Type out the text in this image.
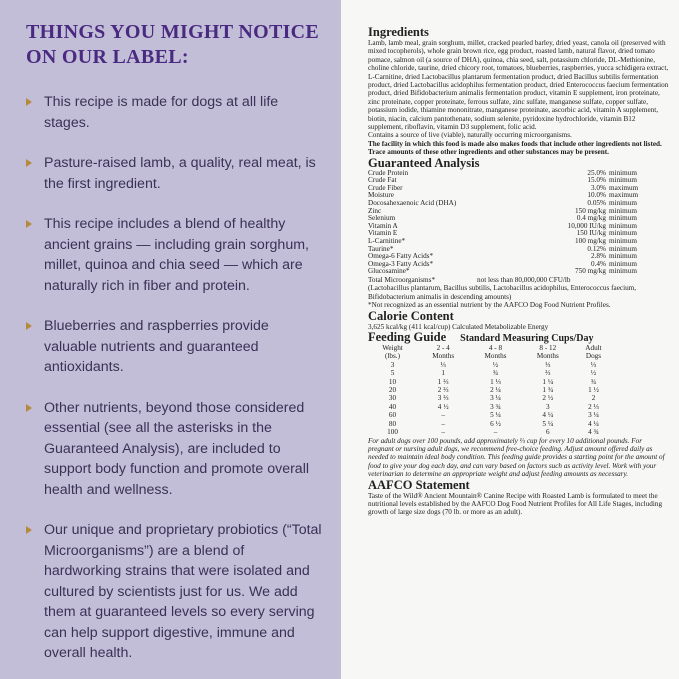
THINGS YOU MIGHT NOTICE ON OUR LABEL:
This recipe is made for dogs at all life stages.
Pasture-raised lamb, a quality, real meat, is the first ingredient.
This recipe includes a blend of healthy ancient grains — including grain sorghum, millet, quinoa and chia seed — which are naturally rich in fiber and protein.
Blueberries and raspberries provide valuable nutrients and guaranteed antioxidants.
Other nutrients, beyond those considered essential (see all the asterisks in the Guaranteed Analysis), are included to support body function and promote overall health and wellness.
Our unique and proprietary probiotics (“Total Microorganisms”) are a blend of hardworking strains that were isolated and cultured by scientists just for us. We add them at guaranteed levels so every serving can help support digestive, immune and overall health.
Ingredients
Lamb, lamb meal, grain sorghum, millet, cracked pearled barley, dried yeast, canola oil (preserved with mixed tocopherols), whole grain brown rice, egg product, roasted lamb, natural flavor, dried tomato pomace, salmon oil (a source of DHA), quinoa, chia seed, salt, potassium chloride, DL-Methionine, choline chloride, taurine, dried chicory root, tomatoes, blueberries, raspberries, yucca schidigera extract, L-Carnitine, dried Lactobacillus plantarum fermentation product, dried Bacillus subtilis fermentation product, dried Lactobacillus acidophilus fermentation product, dried Enterococcus faecium fermentation product, dried Bifidobacterium animalis fermentation product, vitamin E supplement, iron proteinate, zinc proteinate, copper proteinate, ferrous sulfate, zinc sulfate, manganese sulfate, copper sulfate, potassium iodide, thiamine mononitrate, manganese proteinate, ascorbic acid, vitamin A supplement, biotin, niacin, calcium pantothenate, sodium selenite, pyridoxine hydrochloride, vitamin B12 supplement, riboflavin, vitamin D3 supplement, folic acid.
Contains a source of live (viable), naturally occurring microorganisms.
The facility in which this food is made also makes foods that include other ingredients not listed. Trace amounts of these other ingredients and other substances may be present.
Guaranteed Analysis
Crude Protein	25.0%	minimum
Crude Fat	15.0%	minimum
Crude Fiber	3.0%	maximum
Moisture	10.0%	maximum
Docosahexaenoic Acid (DHA)	0.05%	minimum
Zinc	150 mg/kg	minimum
Selenium	0.4 mg/kg	minimum
Vitamin A	10,000 IU/kg	minimum
Vitamin E	150 IU/kg	minimum
L-Carnitine*	100 mg/kg	minimum
Taurine*	0.12%	minimum
Omega-6 Fatty Acids*	2.8%	minimum
Omega-3 Fatty Acids*	0.4%	minimum
Glucosamine*	750 mg/kg	minimum
Total Microorganisms*	not less than 80,000,000 CFU/lb
(Lactobacillus plantarum, Bacillus subtilis, Lactobacillus acidophilus, Enterococcus faecium, Bifidobacterium animalis in descending amounts)
*Not recognized as an essential nutrient by the AAFCO Dog Food Nutrient Profiles.
Calorie Content
3,625 kcal/kg (411 kcal/cup) Calculated Metabolizable Energy
Feeding Guide Standard Measuring Cups/Day
Weight	2 - 4	4 - 8	8 - 12	Adult
(lbs.)	Months	Months	Months	Dogs
3	⅓	½	⅓	⅓
5	1	¾	⅔	½
10	1 ⅔	1 ⅓	1 ¼	¾
20	2 ⅔	2 ¼	1 ¾	1 ½
30	3 ⅔	3 ¼	2 ½	2
40	4 ½	3 ¾	3	2 ⅓
60	–	5 ¼	4 ¼	3 ¼
80	–	6 ½	5 ¼	4 ¼
100	–	–	6	4 ¾
For adult dogs over 100 pounds, add approximately ⅓ cup for every 10 additional pounds. For pregnant or nursing adult dogs, we recommend free-choice feeding. Adjust amount offered daily as needed to maintain ideal body condition. This feeding guide provides a starting point for the amount of food to give your dog each day, and can vary based on factors such as activity level. Work with your veterinarian to determine an appropriate weight and adjust feeding amounts as necessary.
AAFCO Statement
Taste of the Wild® Ancient Mountain® Canine Recipe with Roasted Lamb is formulated to meet the nutritional levels established by the AAFCO Dog Food Nutrient Profiles for All Life Stages, including growth of large size dogs (70 lb. or more as an adult).
